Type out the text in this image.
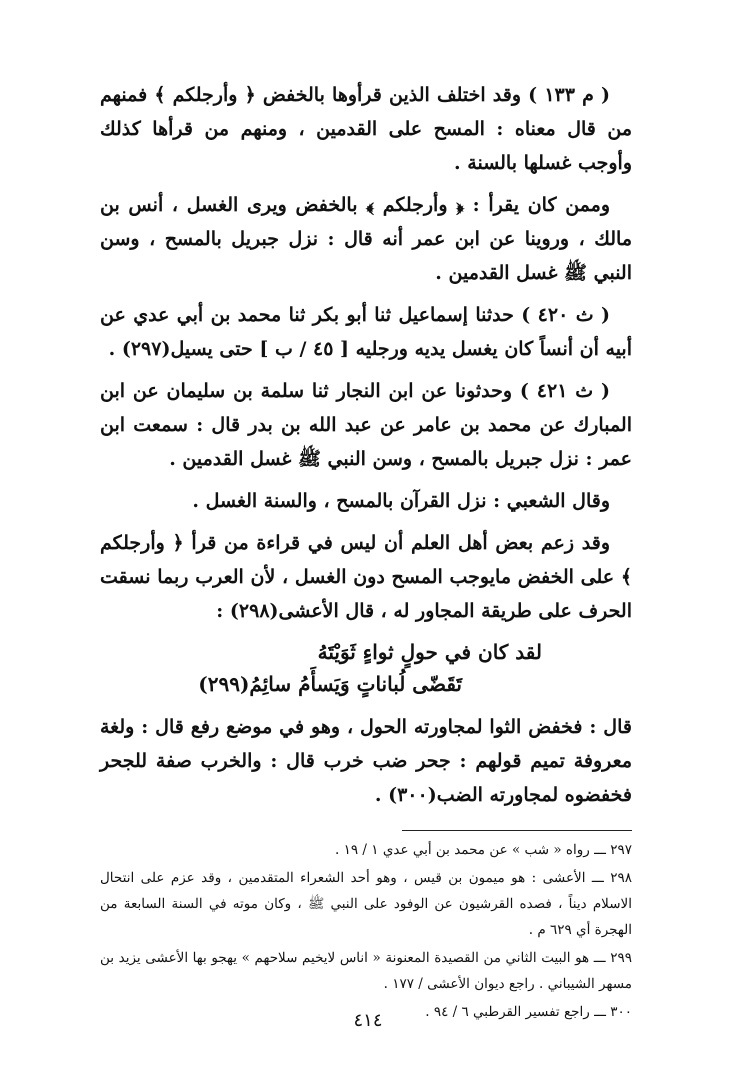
( م ١٣٣ ) وقد اختلف الذين قرأوها بالخفض ﴿ وأرجلكم ﴾ فمنهم من قال معناه : المسح على القدمين ، ومنهم من قرأها كذلك وأوجب غسلها بالسنة .

وممن كان يقرأ : ﴿ وأرجلكم ﴾ بالخفض ويرى الغسل ، أنس بن مالك ، وروينا عن ابن عمر أنه قال : نزل جبريل بالمسح ، وسن النبي ﷺ غسل القدمين .

( ث ٤٢٠ ) حدثنا إسماعيل ثنا أبو بكر ثنا محمد بن أبي عدي عن أبيه أن أنساً كان يغسل يديه ورجليه [ ٤٥ / ب ] حتى يسيل(٢٩٧) .

( ث ٤٢١ ) وحدثونا عن ابن النجار ثنا سلمة بن سليمان عن ابن المبارك عن محمد بن عامر عن عبد الله بن بدر قال : سمعت ابن عمر : نزل جبريل بالمسح ، وسن النبي ﷺ غسل القدمين .

وقال الشعبي : نزل القرآن بالمسح ، والسنة الغسل .

وقد زعم بعض أهل العلم أن ليس في قراءة من قرأ ﴿ وأرجلكم ﴾ على الخفض مايوجب المسح دون الغسل ، لأن العرب ربما نسقت الحرف على طريقة المجاور له ، قال الأعشى(٢٩٨) :

لقد كان في حولٍ ثواءٍ ثَوَيْتَهُ
تَقَضّى لُباناتٍ وَيَسأَمُ سائِمُ(٢٩٩)

قال : فخفض الثوا لمجاورته الحول ، وهو في موضع رفع قال : ولغة معروفة تميم قولهم : جحر ضب خرب قال : والخرب صفة للجحر فخفضوه لمجاورته الضب(٣٠٠) .

٢٩٧ ـــ رواه « شب » عن محمد بن أبي عدي ١ / ١٩ .

٢٩٨ ـــ الأعشى : هو ميمون بن قيس ، وهو أحد الشعراء المتقدمين ، وقد عزم على انتحال الاسلام ديناً ، فصده القرشيون عن الوفود على النبي ﷺ ، وكان موته في السنة السابعة من الهجرة أي ٦٢٩ م .

٢٩٩ ـــ هو البيت الثاني من القصيدة المعنونة « اناس لايخيم سلاحهم » يهجو بها الأعشى يزيد بن مسهر الشيباني . راجع ديوان الأعشى / ١٧٧ .

٣٠٠ ـــ راجع تفسير القرطبي ٦ / ٩٤ .

٤١٤
